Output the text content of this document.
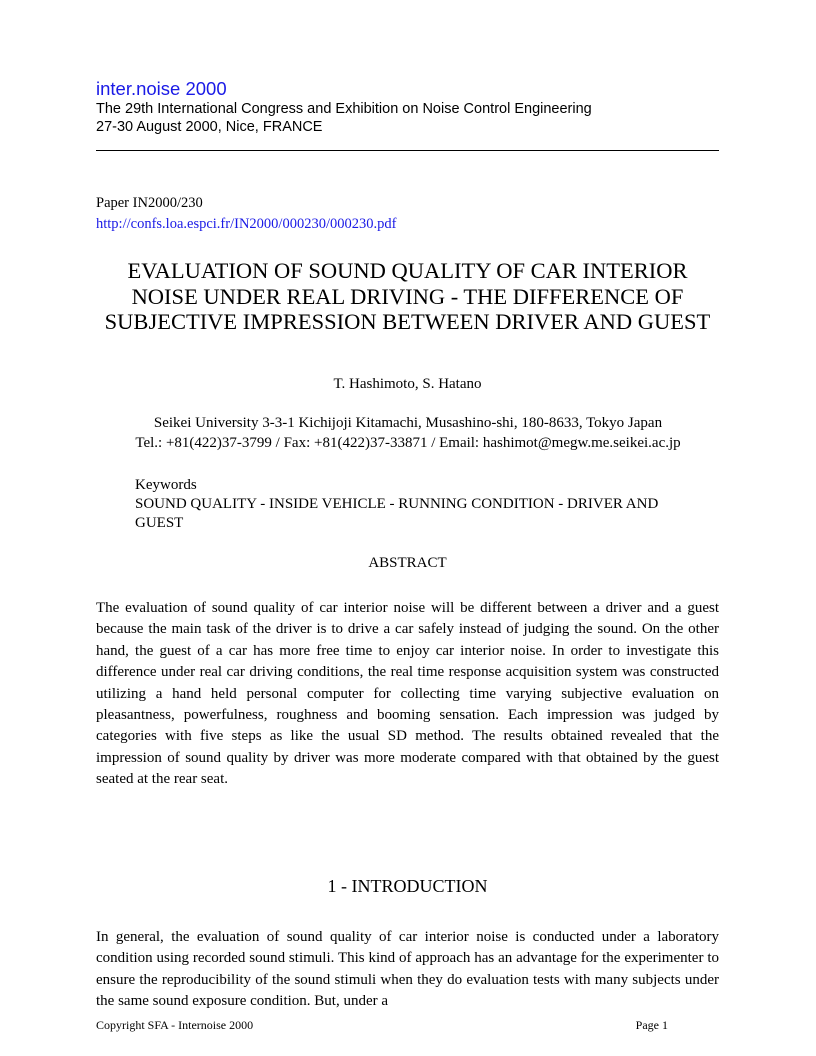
inter.noise 2000
The 29th International Congress and Exhibition on Noise Control Engineering
27-30 August 2000, Nice, FRANCE
Paper IN2000/230
http://confs.loa.espci.fr/IN2000/000230/000230.pdf
EVALUATION OF SOUND QUALITY OF CAR INTERIOR NOISE UNDER REAL DRIVING - THE DIFFERENCE OF SUBJECTIVE IMPRESSION BETWEEN DRIVER AND GUEST
T. Hashimoto, S. Hatano
Seikei University 3-3-1 Kichijoji Kitamachi, Musashino-shi, 180-8633, Tokyo Japan
Tel.: +81(422)37-3799 / Fax: +81(422)37-33871 / Email: hashimot@megw.me.seikei.ac.jp
Keywords
SOUND QUALITY - INSIDE VEHICLE - RUNNING CONDITION - DRIVER AND GUEST
ABSTRACT

The evaluation of sound quality of car interior noise will be different between a driver and a guest because the main task of the driver is to drive a car safely instead of judging the sound. On the other hand, the guest of a car has more free time to enjoy car interior noise. In order to investigate this difference under real car driving conditions, the real time response acquisition system was constructed utilizing a hand held personal computer for collecting time varying subjective evaluation on pleasantness, powerfulness, roughness and booming sensation. Each impression was judged by categories with five steps as like the usual SD method. The results obtained revealed that the impression of sound quality by driver was more moderate compared with that obtained by the guest seated at the rear seat.

1 - INTRODUCTION

In general, the evaluation of sound quality of car interior noise is conducted under a laboratory condition using recorded sound stimuli. This kind of approach has an advantage for the experimenter to ensure the reproducibility of the sound stimuli when they do evaluation tests with many subjects under the same sound exposure condition. But, under a

Copyright SFA - Internoise 2000	Page 1
